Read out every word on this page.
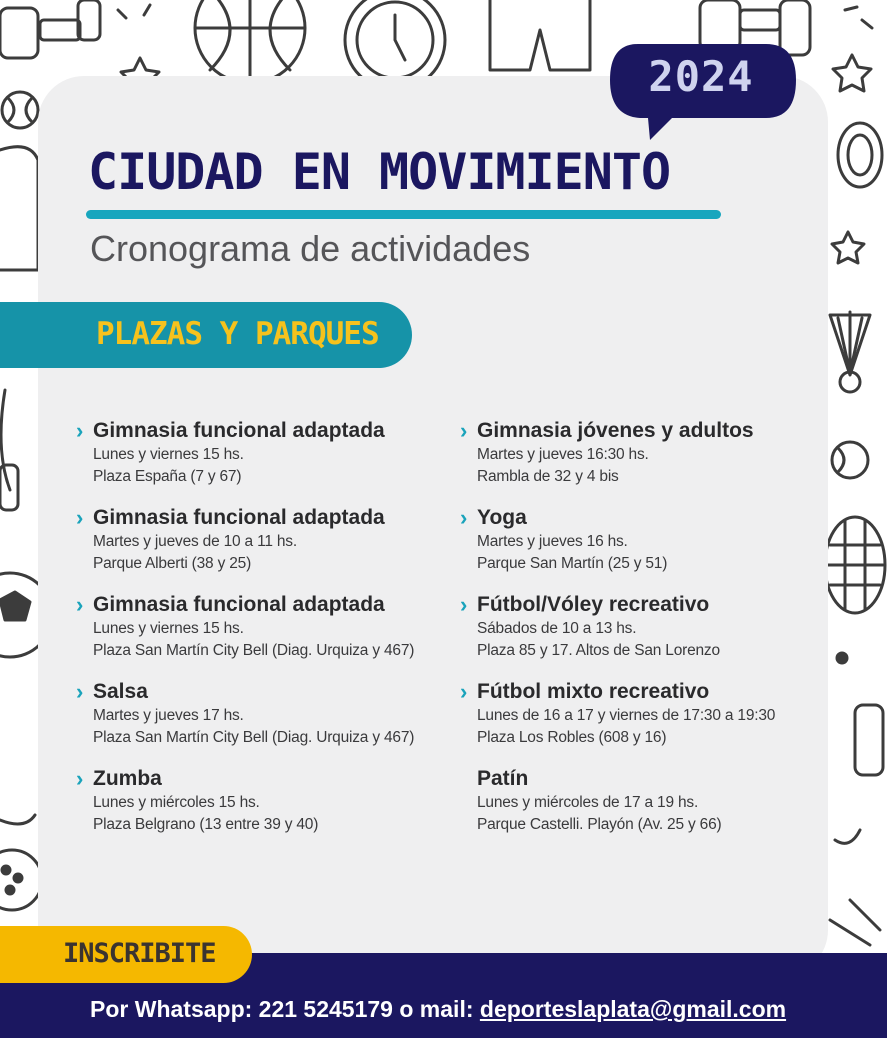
2024
CIUDAD EN MOVIMIENTO
Cronograma de actividades
PLAZAS Y PARQUES
› Gimnasia funcional adaptada
Lunes y viernes 15 hs.
Plaza España (7 y 67)
› Gimnasia funcional adaptada
Martes y jueves de 10 a 11 hs.
Parque Alberti (38 y 25)
› Gimnasia funcional adaptada
Lunes y viernes 15 hs.
Plaza San Martín City Bell (Diag. Urquiza y 467)
› Salsa
Martes y jueves 17 hs.
Plaza San Martín City Bell (Diag. Urquiza y 467)
› Zumba
Lunes y miércoles 15 hs.
Plaza Belgrano (13 entre 39 y 40)
› Gimnasia jóvenes y adultos
Martes y jueves 16:30 hs.
Rambla de 32 y 4 bis
› Yoga
Martes y jueves 16 hs.
Parque San Martín (25 y 51)
› Fútbol/Vóley recreativo
Sábados de 10 a 13 hs.
Plaza 85 y 17. Altos de San Lorenzo
› Fútbol mixto recreativo
Lunes de 16 a 17 y viernes de 17:30 a 19:30
Plaza Los Robles (608 y 16)
Patín
Lunes y miércoles de 17 a 19 hs.
Parque Castelli. Playón (Av. 25 y 66)
INSCRIBITE
Por Whatsapp: 221 5245179 o mail: deporteslaplata@gmail.com
